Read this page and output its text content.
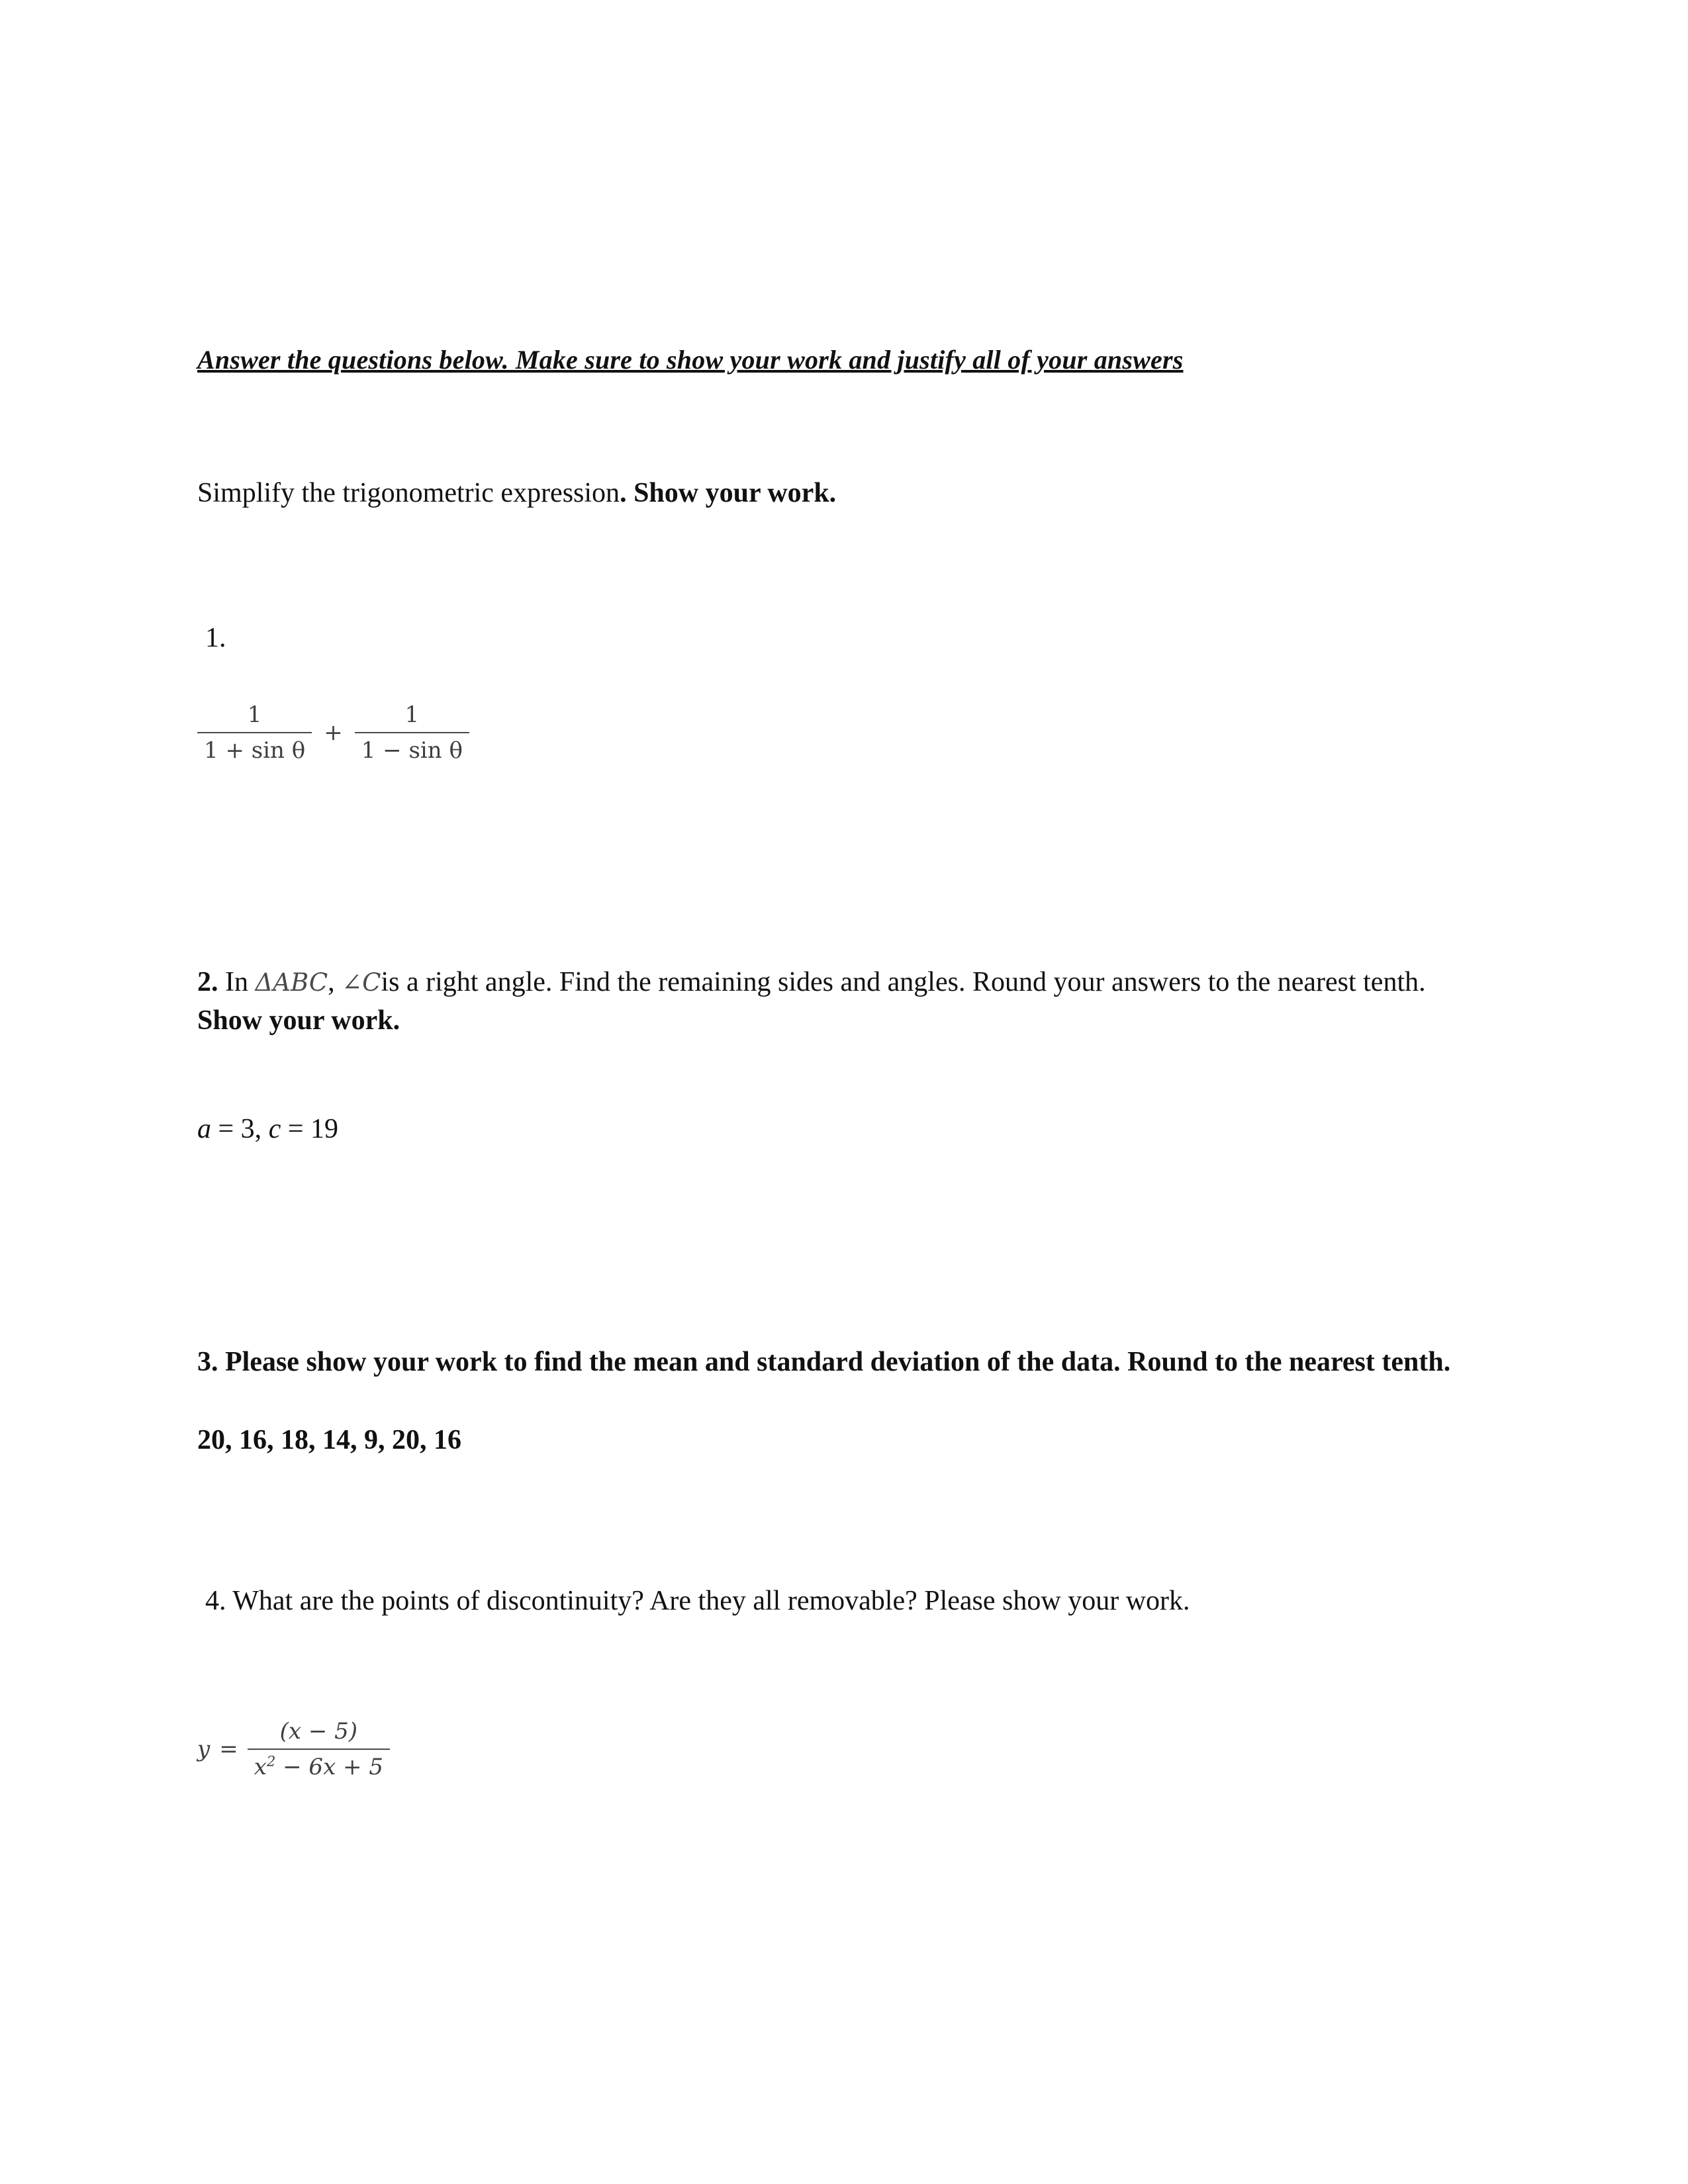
Answer the questions below. Make sure to show your work and justify all of your answers

Simplify the trigonometric expression. Show your work.

1.
$\frac{1}{\text{1 + sin θ}} + \frac{1}{\text{1 − sin θ}}$

2. In ΔABC, ∠Cis a right angle. Find the remaining sides and angles. Round your answers to the nearest tenth. Show your work.

a = 3, c = 19

3. Please show your work to find the mean and standard deviation of the data. Round to the nearest tenth.

20, 16, 18, 14, 9, 20, 16

4. What are the points of discontinuity? Are they all removable? Please show your work.

$y = \frac{(x - 5)}{x^2 - 6x + 5}$
